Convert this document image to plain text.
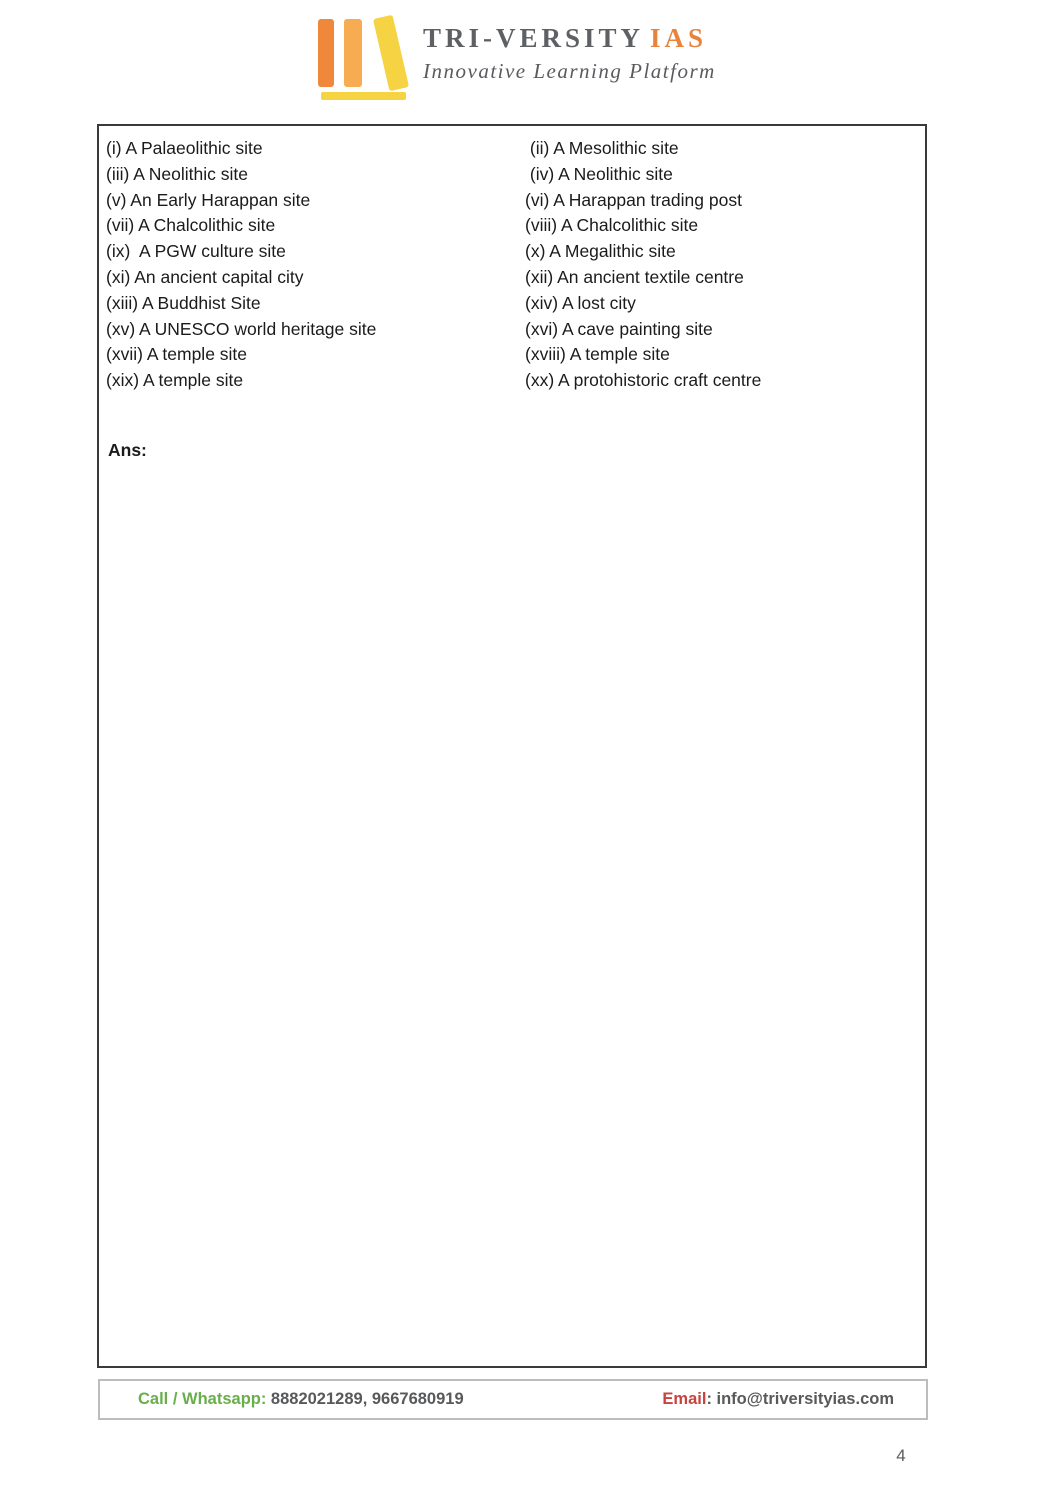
TRI-VERSITY IAS
Innovative Learning Platform
(i) A Palaeolithic site	(ii) A Mesolithic site
(iii) A Neolithic site	(iv) A Neolithic site
(v) An Early Harappan site	(vi) A Harappan trading post
(vii) A Chalcolithic site	(viii) A Chalcolithic site
(ix)  A PGW culture site	(x) A Megalithic site
(xi) An ancient capital city	(xii) An ancient textile centre
(xiii) A Buddhist Site	(xiv) A lost city
(xv) A UNESCO world heritage site	(xvi) A cave painting site
(xvii) A temple site	(xviii) A temple site
(xix) A temple site	(xx) A protohistoric craft centre
Ans:
Call / Whatsapp: 8882021289, 9667680919	Email: info@triversityias.com
4
